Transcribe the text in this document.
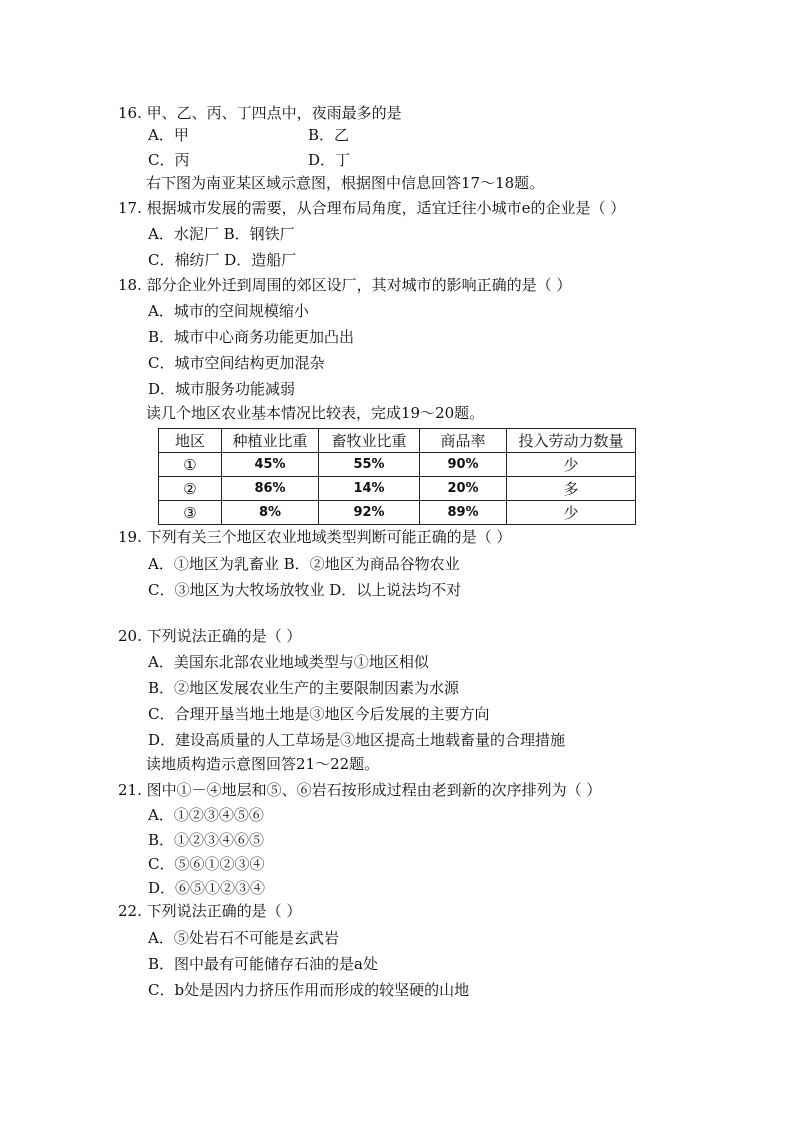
16. 甲、乙、丙、丁四点中，夜雨最多的是
A．甲	B．乙
C．丙	D．丁
右下图为南亚某区域示意图，根据图中信息回答17～18题。
17. 根据城市发展的需要，从合理布局角度，适宜迁往小城市e的企业是（ ）
A．水泥厂 B．钢铁厂
C．棉纺厂 D．造船厂
18. 部分企业外迁到周围的郊区设厂，其对城市的影响正确的是（ ）
A．城市的空间规模缩小
B．城市中心商务功能更加凸出
C．城市空间结构更加混杂
D．城市服务功能减弱
读几个地区农业基本情况比较表，完成19～20题。
地区	种植业比重	畜牧业比重	商品率	投入劳动力数量
①	45%	55%	90%	少
②	86%	14%	20%	多
③	8%	92%	89%	少
19. 下列有关三个地区农业地域类型判断可能正确的是（ ）
A．①地区为乳畜业 B．②地区为商品谷物农业
C．③地区为大牧场放牧业 D．以上说法均不对
20. 下列说法正确的是（ ）
A．美国东北部农业地域类型与①地区相似
B．②地区发展农业生产的主要限制因素为水源
C．合理开垦当地土地是③地区今后发展的主要方向
D．建设高质量的人工草场是③地区提高土地载畜量的合理措施
读地质构造示意图回答21～22题。
21. 图中①－④地层和⑤、⑥岩石按形成过程由老到新的次序排列为（ ）
A．①②③④⑤⑥
B．①②③④⑥⑤
C．⑤⑥①②③④
D．⑥⑤①②③④
22. 下列说法正确的是（ ）
A．⑤处岩石不可能是玄武岩
B．图中最有可能储存石油的是a处
C．b处是因内力挤压作用而形成的较坚硬的山地
